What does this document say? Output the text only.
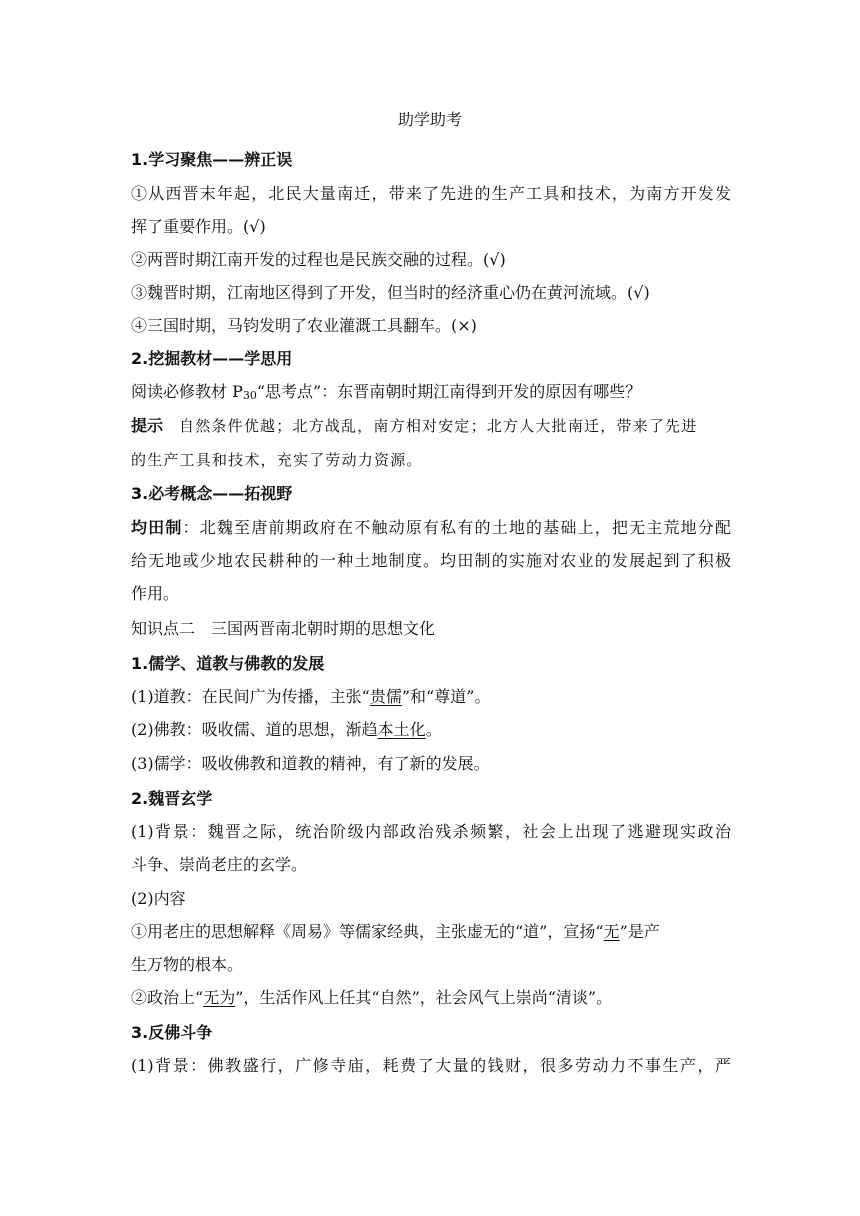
助学助考
1.学习聚焦——辨正误
①从西晋末年起，北民大量南迁，带来了先进的生产工具和技术，为南方开发发
挥了重要作用。(√)
②两晋时期江南开发的过程也是民族交融的过程。(√)
③魏晋时期，江南地区得到了开发，但当时的经济重心仍在黄河流域。(√)
④三国时期，马钧发明了农业灌溉工具翻车。(×)
2.挖掘教材——学思用
阅读必修教材 $P_{30}“$思考点”：东晋南朝时期江南得到开发的原因有哪些？
提示 自然条件优越；北方战乱，南方相对安定；北方人大批南迁，带来了先进
的生产工具和技术，充实了劳动力资源。
3.必考概念——拓视野
均田制：北魏至唐前期政府在不触动原有私有的土地的基础上，把无主荒地分配
给无地或少地农民耕种的一种土地制度。均田制的实施对农业的发展起到了积极
作用。
知识点二　三国两晋南北朝时期的思想文化
1.儒学、道教与佛教的发展
(1)道教：在民间广为传播，主张“贵儒”和“尊道”。
(2)佛教：吸收儒、道的思想，渐趋本土化。
(3)儒学：吸收佛教和道教的精神，有了新的发展。
2.魏晋玄学
(1)背景：魏晋之际，统治阶级内部政治残杀频繁，社会上出现了逃避现实政治
斗争、崇尚老庄的玄学。
(2)内容
①用老庄的思想解释《周易》等儒家经典，主张虚无的“道”，宣扬“无”是产
生万物的根本。
②政治上“无为”，生活作风上任其“自然”，社会风气上崇尚“清谈”。
3.反佛斗争
(1)背景：佛教盛行，广修寺庙，耗费了大量的钱财，很多劳动力不事生产，严
